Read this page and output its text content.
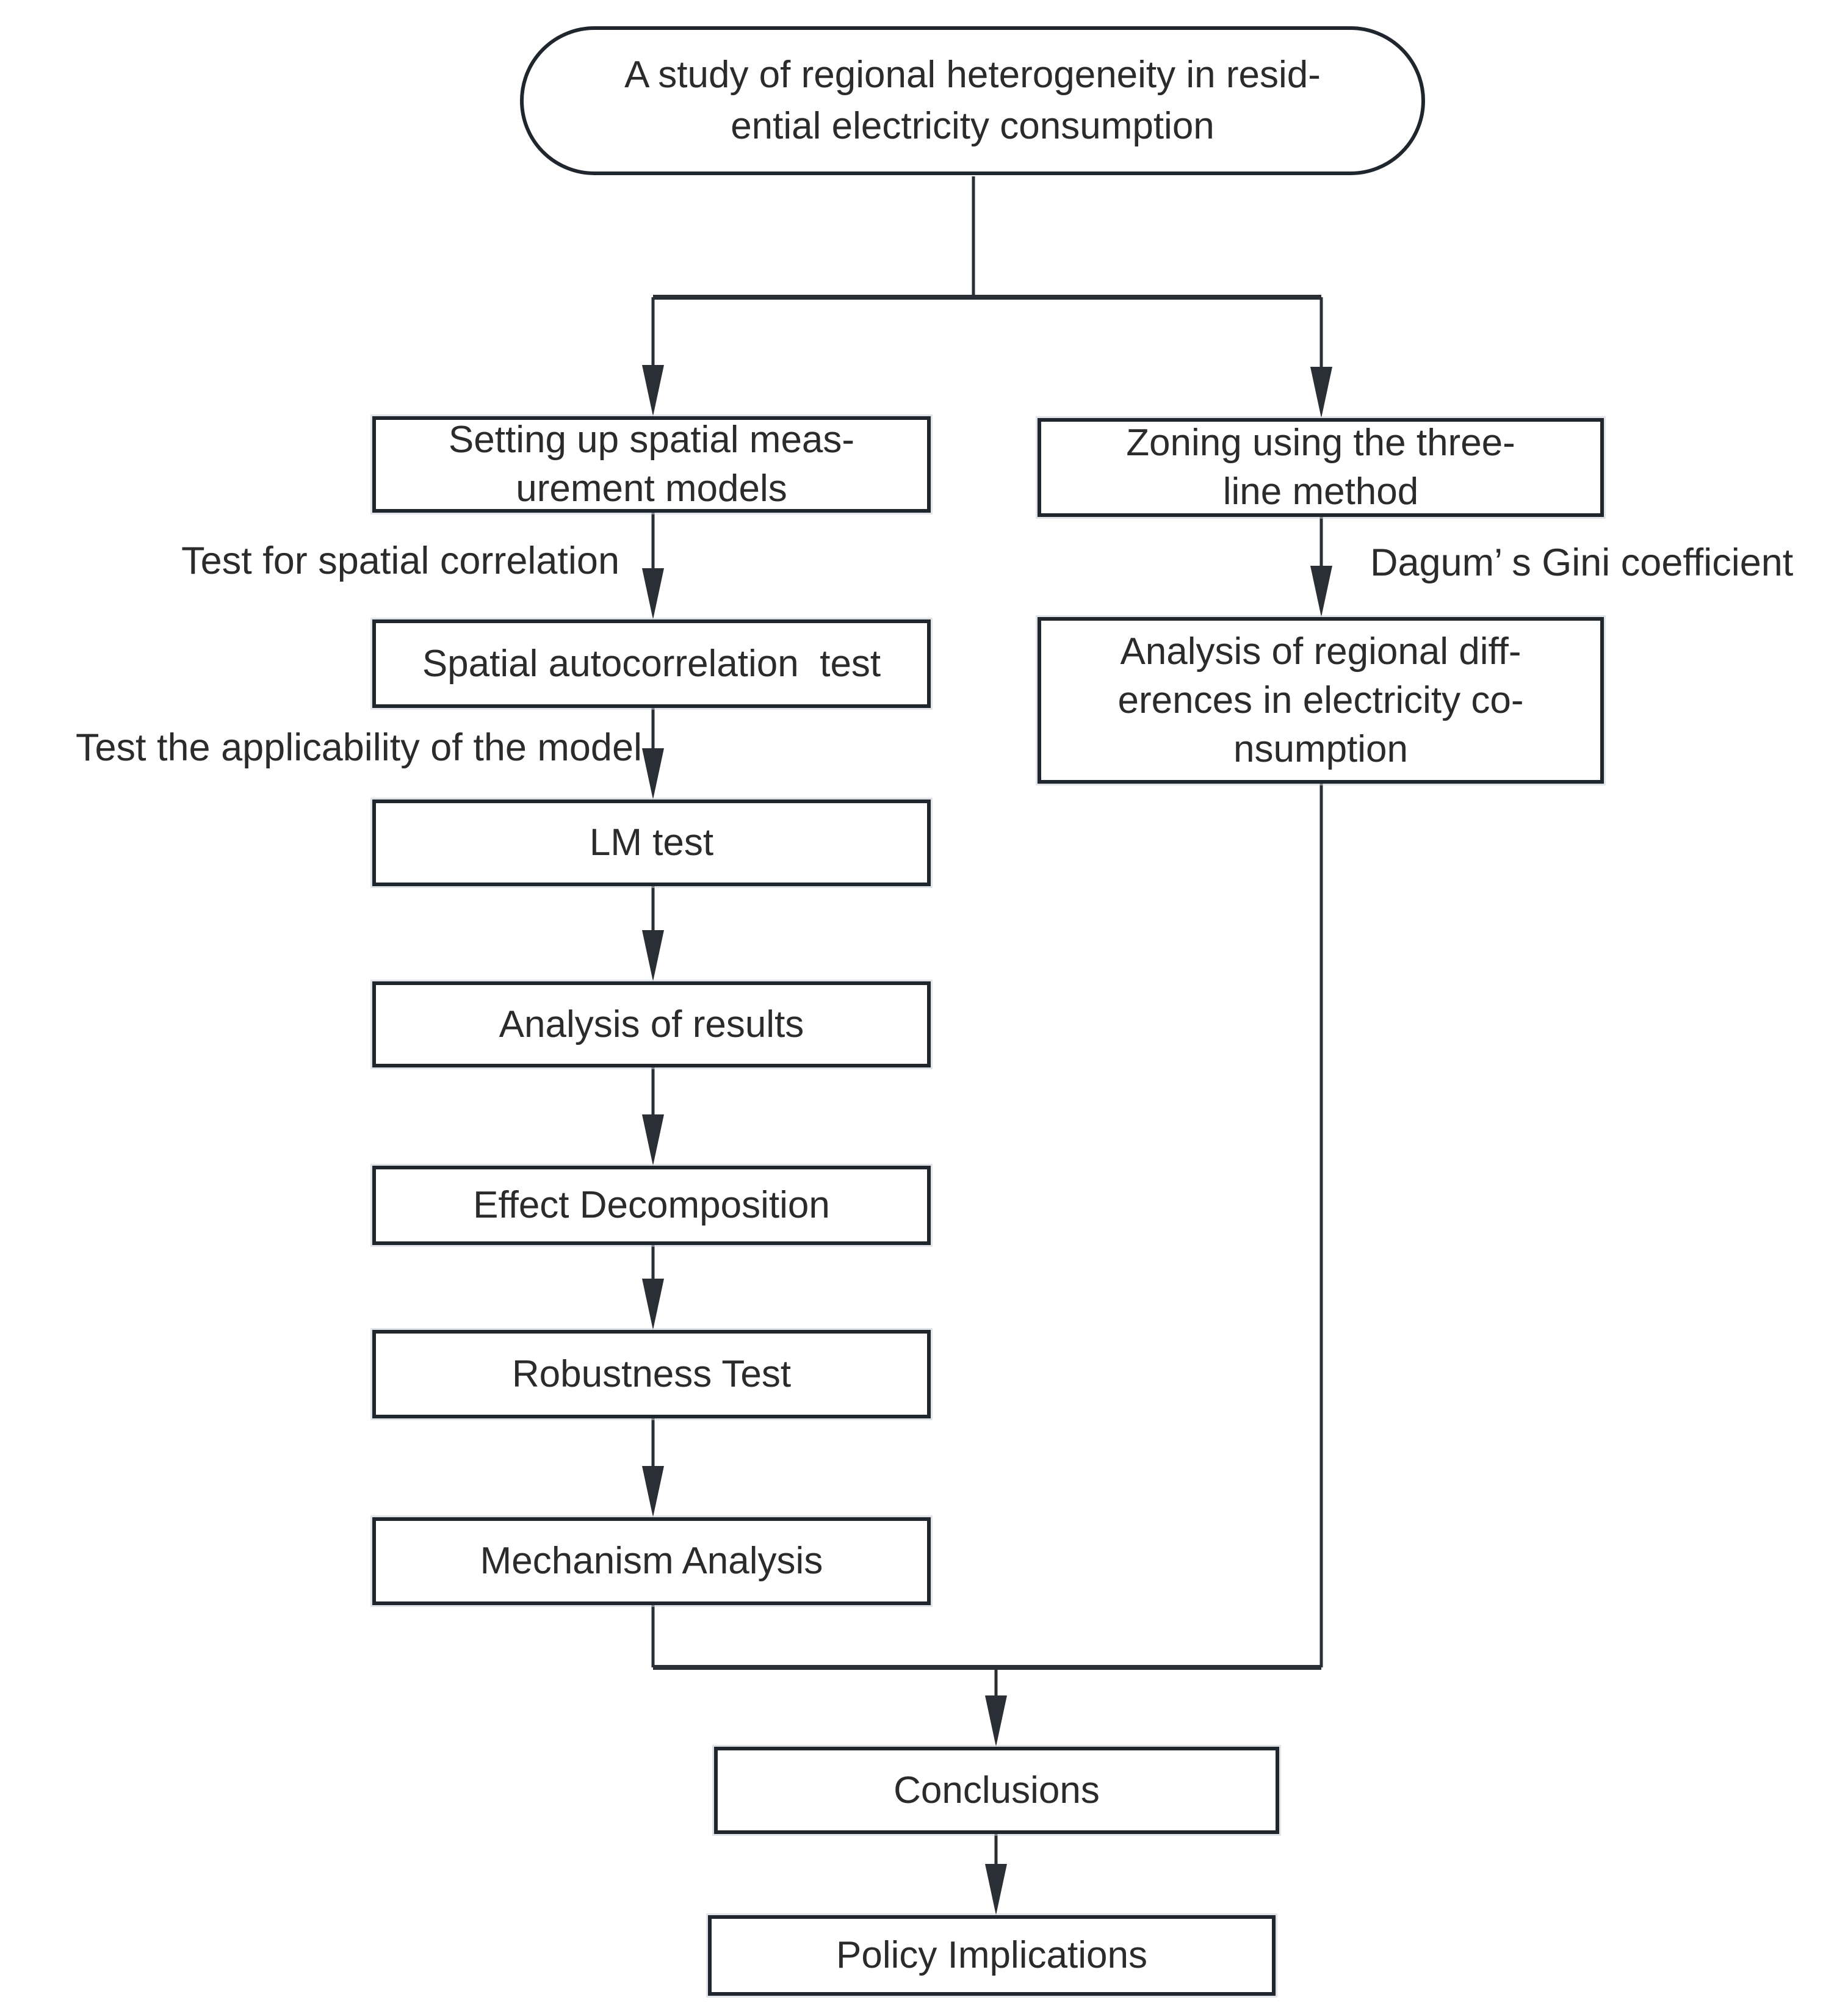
A study of regional heterogeneity in resid-
ential electricity consumption
Setting up spatial meas-
urement models
Spatial autocorrelation  test
LM test
Analysis of results
Effect Decomposition
Robustness Test
Mechanism Analysis
Zoning using the three-
line method
Analysis of regional diff-
erences in electricity co-
nsumption
Conclusions
Policy Implications
Test for spatial correlation
Test the applicability of the model
Dagum’ s Gini coefficient
